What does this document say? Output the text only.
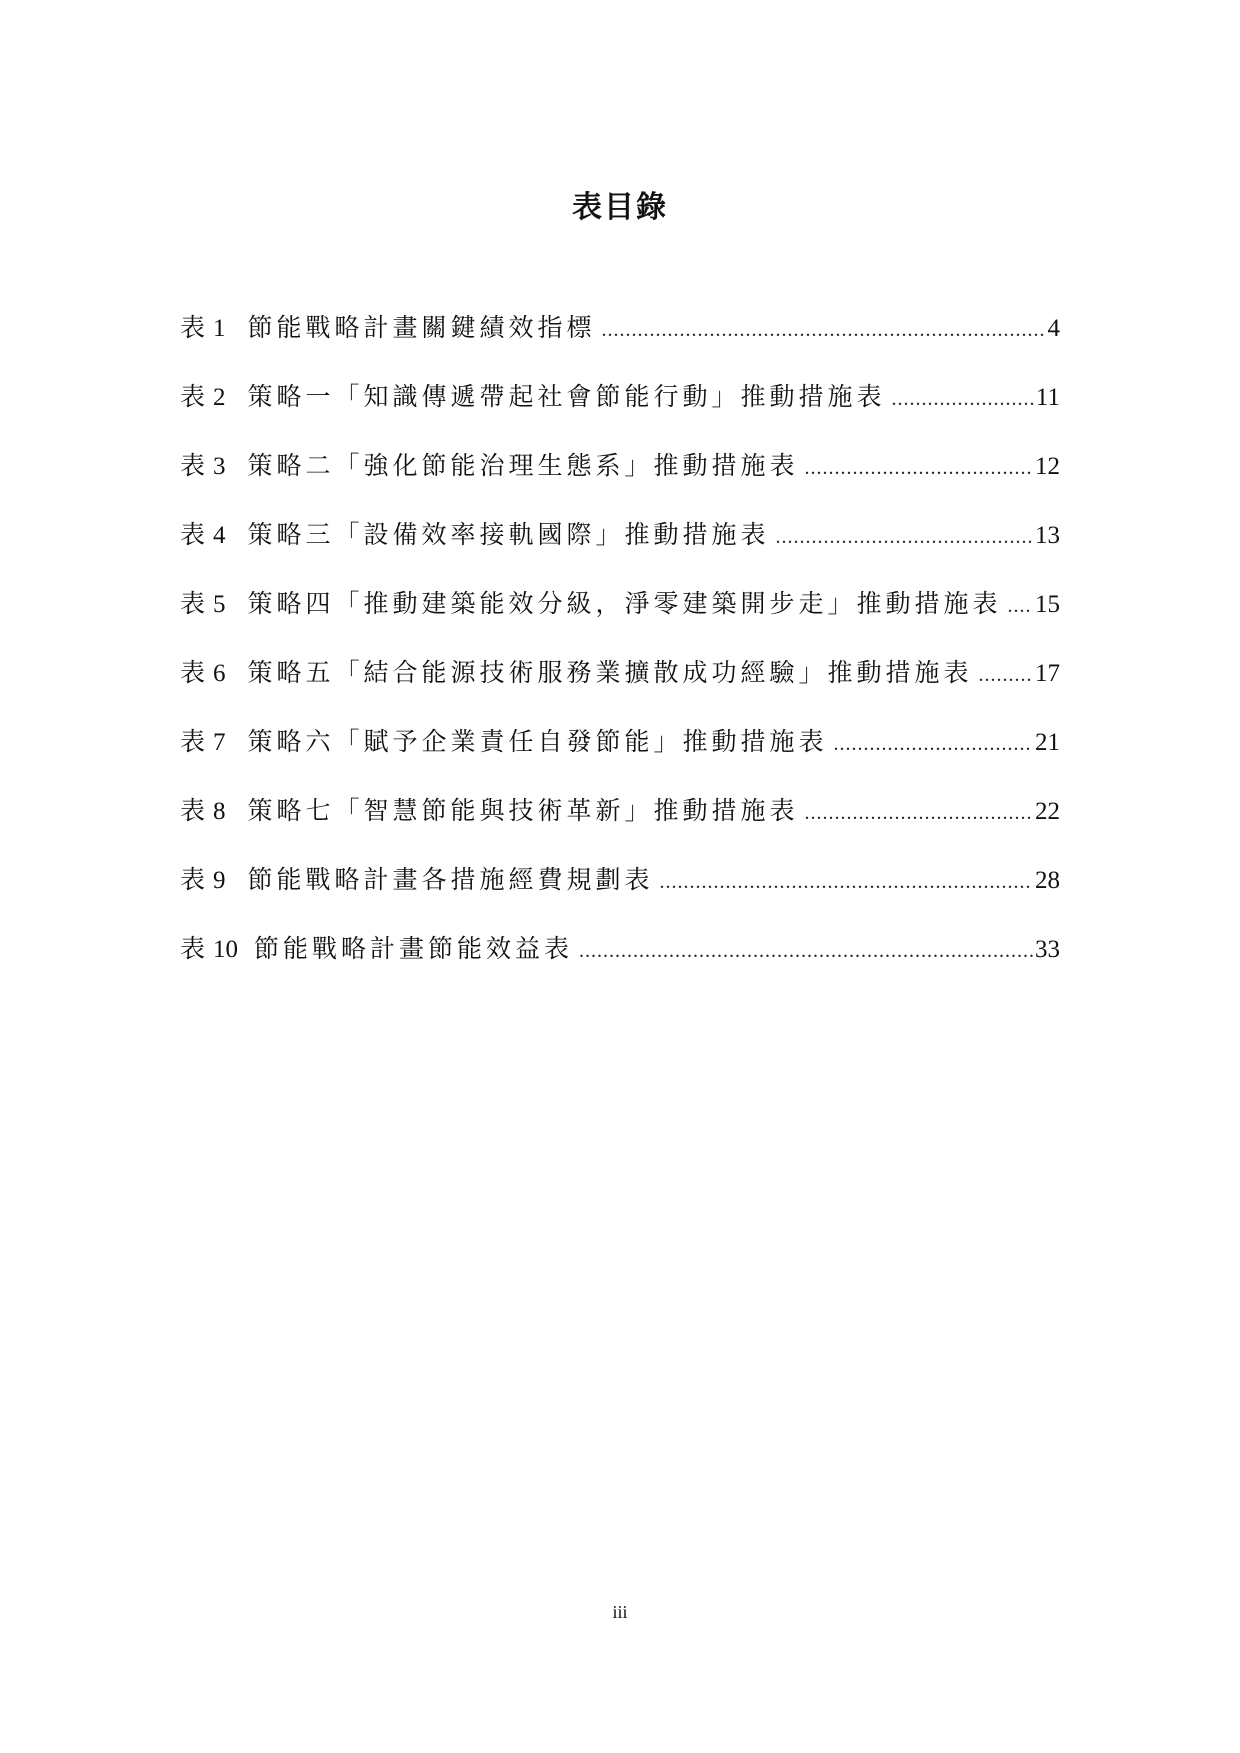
表目錄
表 1 節能戰略計畫關鍵績效指標 .....	4
表 2 策略一「知識傳遞帶起社會節能行動」推動措施表 .....	11
表 3 策略二「強化節能治理生態系」推動措施表 .....	12
表 4 策略三「設備效率接軌國際」推動措施表 .....	13
表 5 策略四「推動建築能效分級，淨零建築開步走」推動措施表 ..... 15
表 6 策略五「結合能源技術服務業擴散成功經驗」推動措施表 ..... 17
表 7 策略六「賦予企業責任自發節能」推動措施表 .....	21
表 8 策略七「智慧節能與技術革新」推動措施表 .....	22
表 9 節能戰略計畫各措施經費規劃表 .....	28
表 10 節能戰略計畫節能效益表 .....	33
iii
